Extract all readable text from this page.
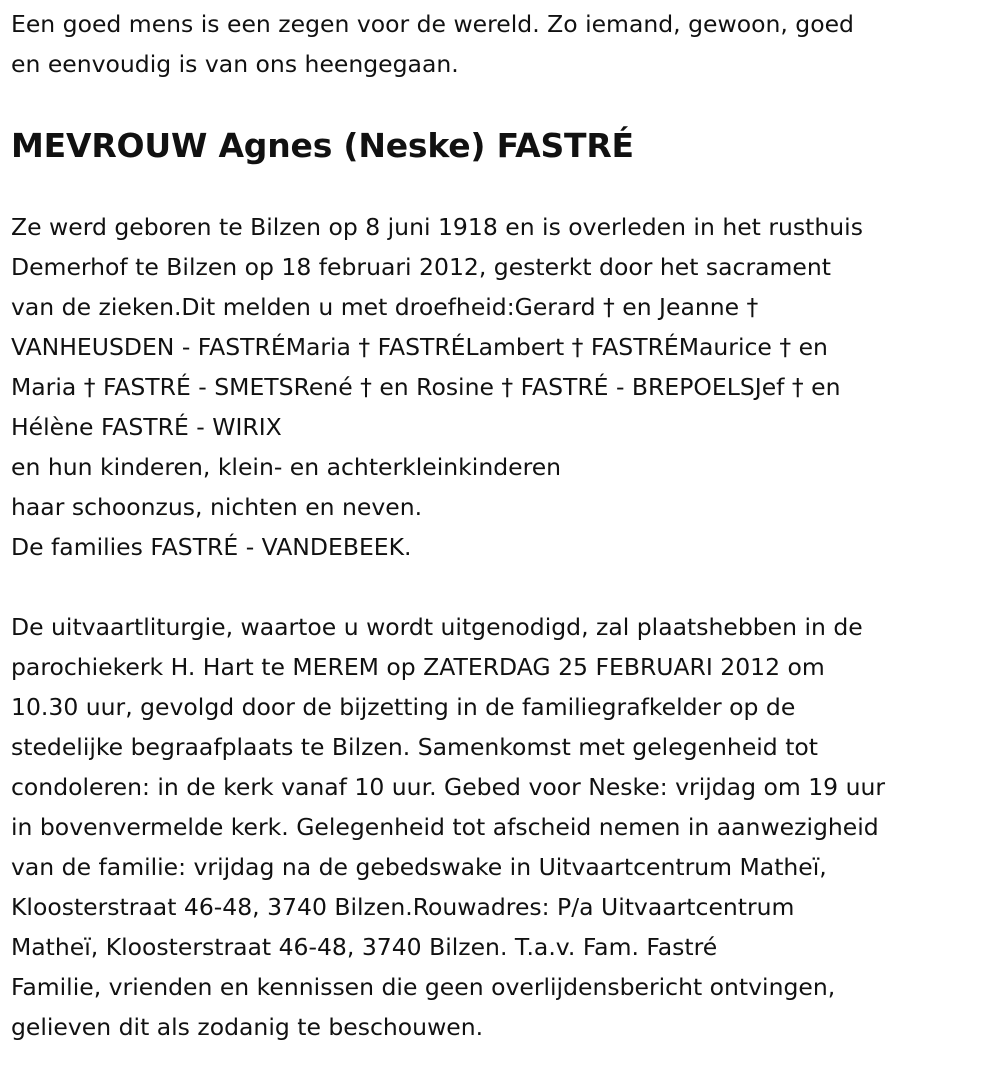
Een goed mens is een zegen voor de wereld. Zo iemand, gewoon, goed
en eenvoudig is van ons heengegaan.
MEVROUW Agnes (Neske) FASTRÉ
Ze werd geboren te Bilzen op 8 juni 1918 en is overleden in het rusthuis
Demerhof te Bilzen op 18 februari 2012, gesterkt door het sacrament
van de zieken.Dit melden u met droefheid:Gerard † en Jeanne †
VANHEUSDEN - FASTRÉMaria † FASTRÉLambert † FASTRÉMaurice † en
Maria † FASTRÉ - SMETSRené † en Rosine † FASTRÉ - BREPOELSJef † en
Hélène FASTRÉ - WIRIX
en hun kinderen, klein- en achterkleinkinderen
haar schoonzus, nichten en neven.
De families FASTRÉ - VANDEBEEK.
De uitvaartliturgie, waartoe u wordt uitgenodigd, zal plaatshebben in de
parochiekerk H. Hart te MEREM op ZATERDAG 25 FEBRUARI 2012 om
10.30 uur, gevolgd door de bijzetting in de familiegrafkelder op de
stedelijke begraafplaats te Bilzen. Samenkomst met gelegenheid tot
condoleren: in de kerk vanaf 10 uur. Gebed voor Neske: vrijdag om 19 uur
in bovenvermelde kerk. Gelegenheid tot afscheid nemen in aanwezigheid
van de familie: vrijdag na de gebedswake in Uitvaartcentrum Matheï,
Kloosterstraat 46-48, 3740 Bilzen.Rouwadres: P/a Uitvaartcentrum
Matheï, Kloosterstraat 46-48, 3740 Bilzen. T.a.v. Fam. Fastré
Familie, vrienden en kennissen die geen overlijdensbericht ontvingen,
gelieven dit als zodanig te beschouwen.
